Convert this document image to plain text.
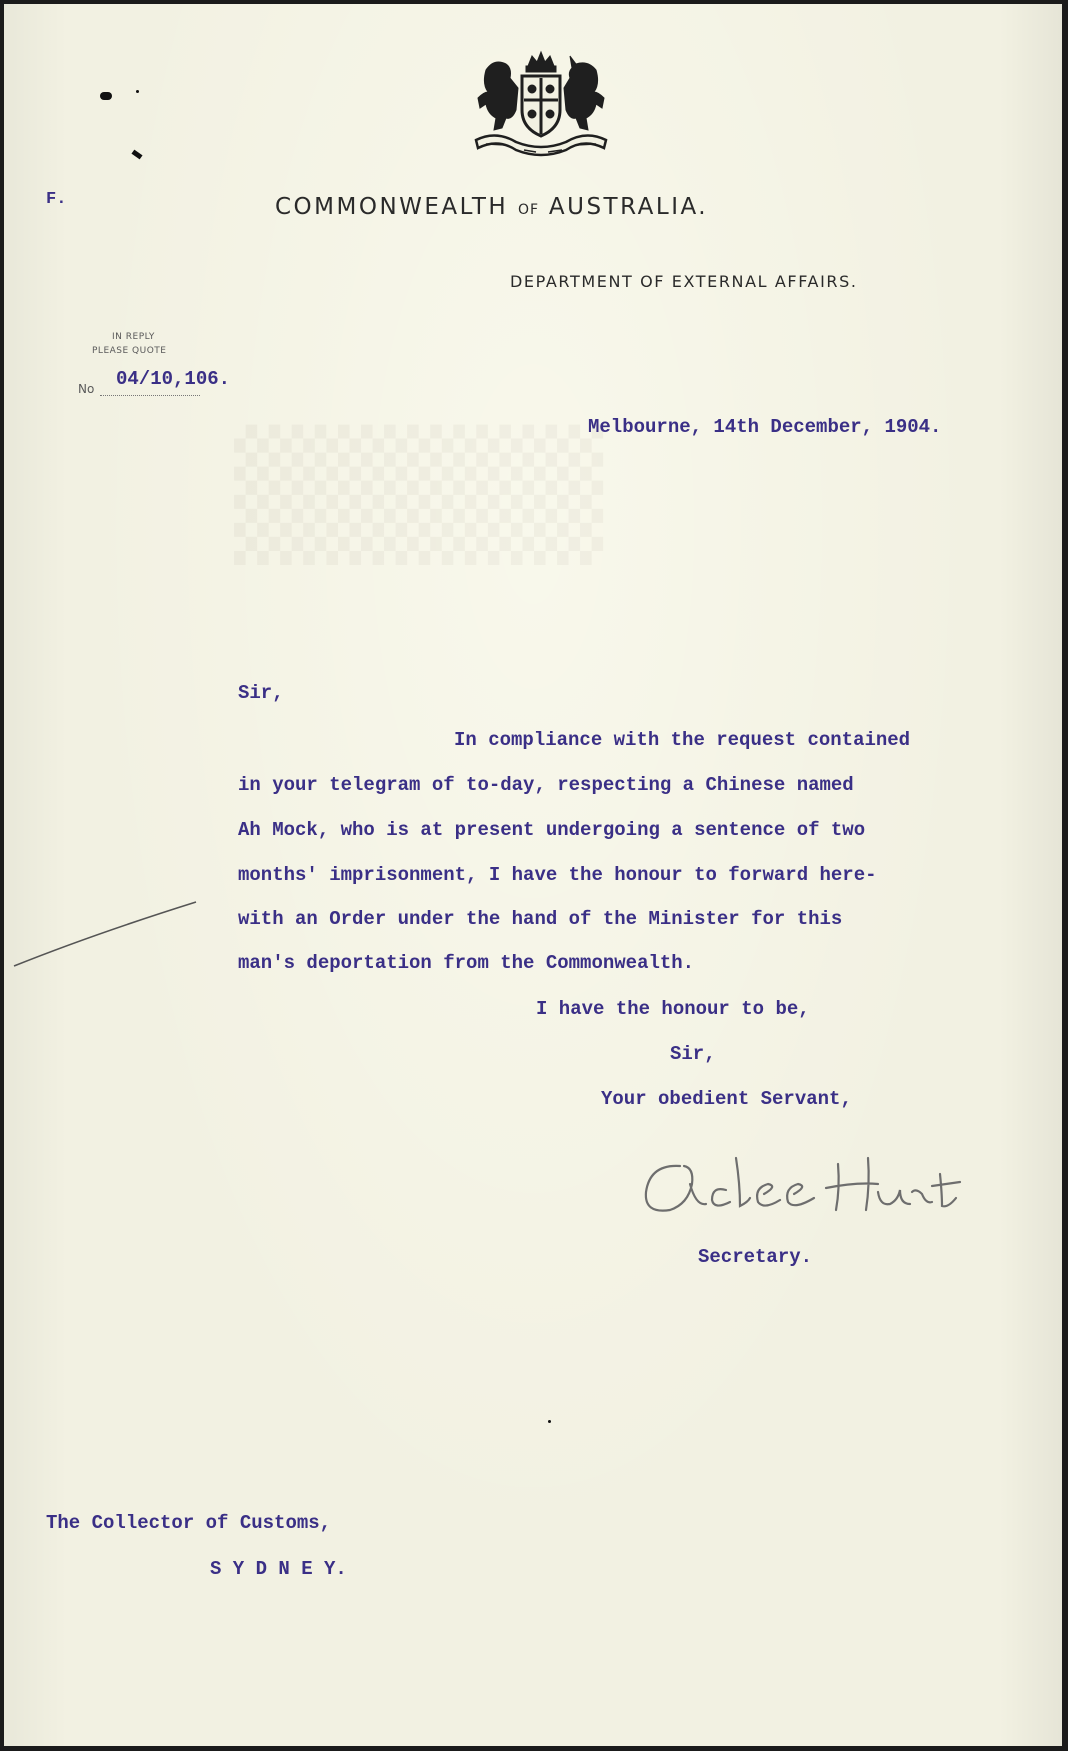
▒▒▒▒
F.	COMMONWEALTH OF AUSTRALIA.
DEPARTMENT OF EXTERNAL AFFAIRS.
IN REPLY
PLEASE QUOTE
No 04/10,106.
Melbourne, 14th December, 1904.
Sir,
In compliance with the request contained
in your telegram of to-day, respecting a Chinese named
Ah Mock, who is at present undergoing a sentence of two
months' imprisonment, I have the honour to forward here-
with an Order under the hand of the Minister for this
man's deportation from the Commonwealth.
I have the honour to be,
Sir,
Your obedient Servant,
Secretary.
The Collector of Customs,
S Y D N E Y.
